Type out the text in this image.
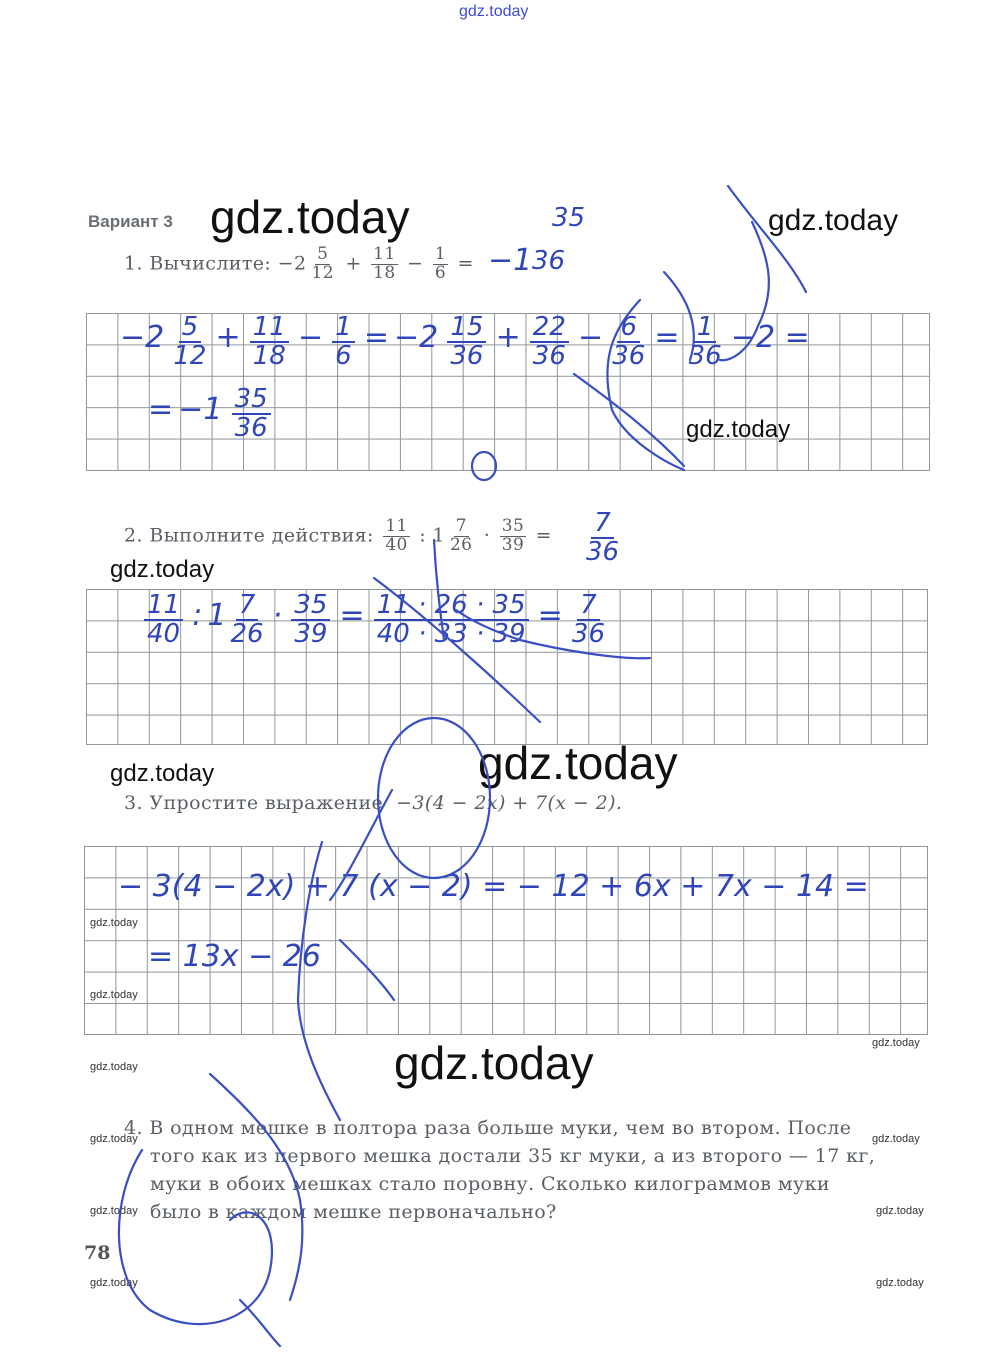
gdz.today
Вариант 3 gdz.today	gdz.today
1. Вычислите: $-2 \frac{5}{12} + \frac{11}{18} - \frac{1}{6} = -1$
35
36
$-2 \frac{5}{12} + \frac{11}{18} - \frac{1}{6} = -2 \frac{15}{36} + \frac{22}{36} - \frac{6}{36} = \frac{1}{36} -2$ =
= $-1 \frac{35}{36}$	gdz.today
2. Выполните действия: $\frac{11}{40}$ : $1 \frac{7}{26} \cdot \frac{35}{39} = \frac{7}{36}$
gdz.today
$\frac{11}{40}$ : $1 \frac{7}{26} \cdot \frac{35}{39} = \frac{11 \cdot 26 \cdot 35}{40 \cdot 33 \cdot 39} = \frac{7}{36}$
gdz.today	gdz.today
3. Упростите выражение −3(4 − 2x) + 7(x − 2).
− 3(4 − 2x) + 7 (x − 2) = − 12 + 6x + 7x − 14 =
= 13x − 26
gdz.today
gdz.today
gdz.today
gdz.today
gdz.today
gdz.today
gdz.today
gdz.today
gdz.today
gdz.today
gdz.today
4. В одном мешке в полтора раза больше муки, чем во втором. После
того как из первого мешка достали 35 кг муки, а из второго — 17 кг,
муки в обоих мешках стало поровну. Сколько килограммов муки
было в каждом мешке первоначально?
78
